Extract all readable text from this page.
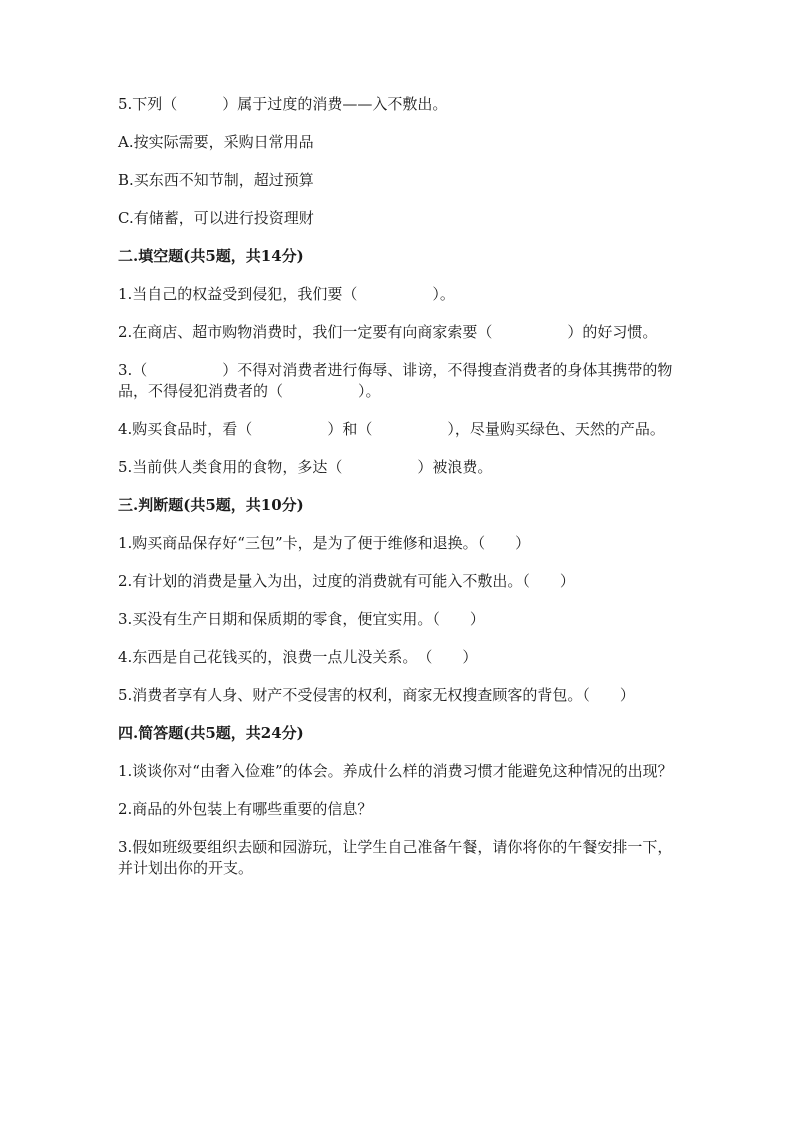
5.下列（　　　）属于过度的消费——入不敷出。

A.按实际需要，采购日常用品

B.买东西不知节制，超过预算

C.有储蓄，可以进行投资理财

二.填空题(共5题，共14分)

1.当自己的权益受到侵犯，我们要（　　　　　）。

2.在商店、超市购物消费时，我们一定要有向商家索要（　　　　　）的好习惯。

3.（　　　　　）不得对消费者进行侮辱、诽谤，不得搜查消费者的身体其携带的物品，不得侵犯消费者的（　　　　　）。

4.购买食品时，看（　　　　　）和（　　　　　），尽量购买绿色、天然的产品。

5.当前供人类食用的食物，多达（　　　　　）被浪费。

三.判断题(共5题，共10分)

1.购买商品保存好“三包”卡，是为了便于维修和退换。（　　）

2.有计划的消费是量入为出，过度的消费就有可能入不敷出。（　　）

3.买没有生产日期和保质期的零食，便宜实用。（　　）

4.东西是自己花钱买的，浪费一点儿没关系。　（　　）

5.消费者享有人身、财产不受侵害的权利，商家无权搜查顾客的背包。（　　）

四.简答题(共5题，共24分)

1.谈谈你对“由奢入俭难”的体会。养成什么样的消费习惯才能避免这种情况的出现？

2.商品的外包装上有哪些重要的信息？

3.假如班级要组织去颐和园游玩，让学生自己准备午餐，请你将你的午餐安排一下，并计划出你的开支。
